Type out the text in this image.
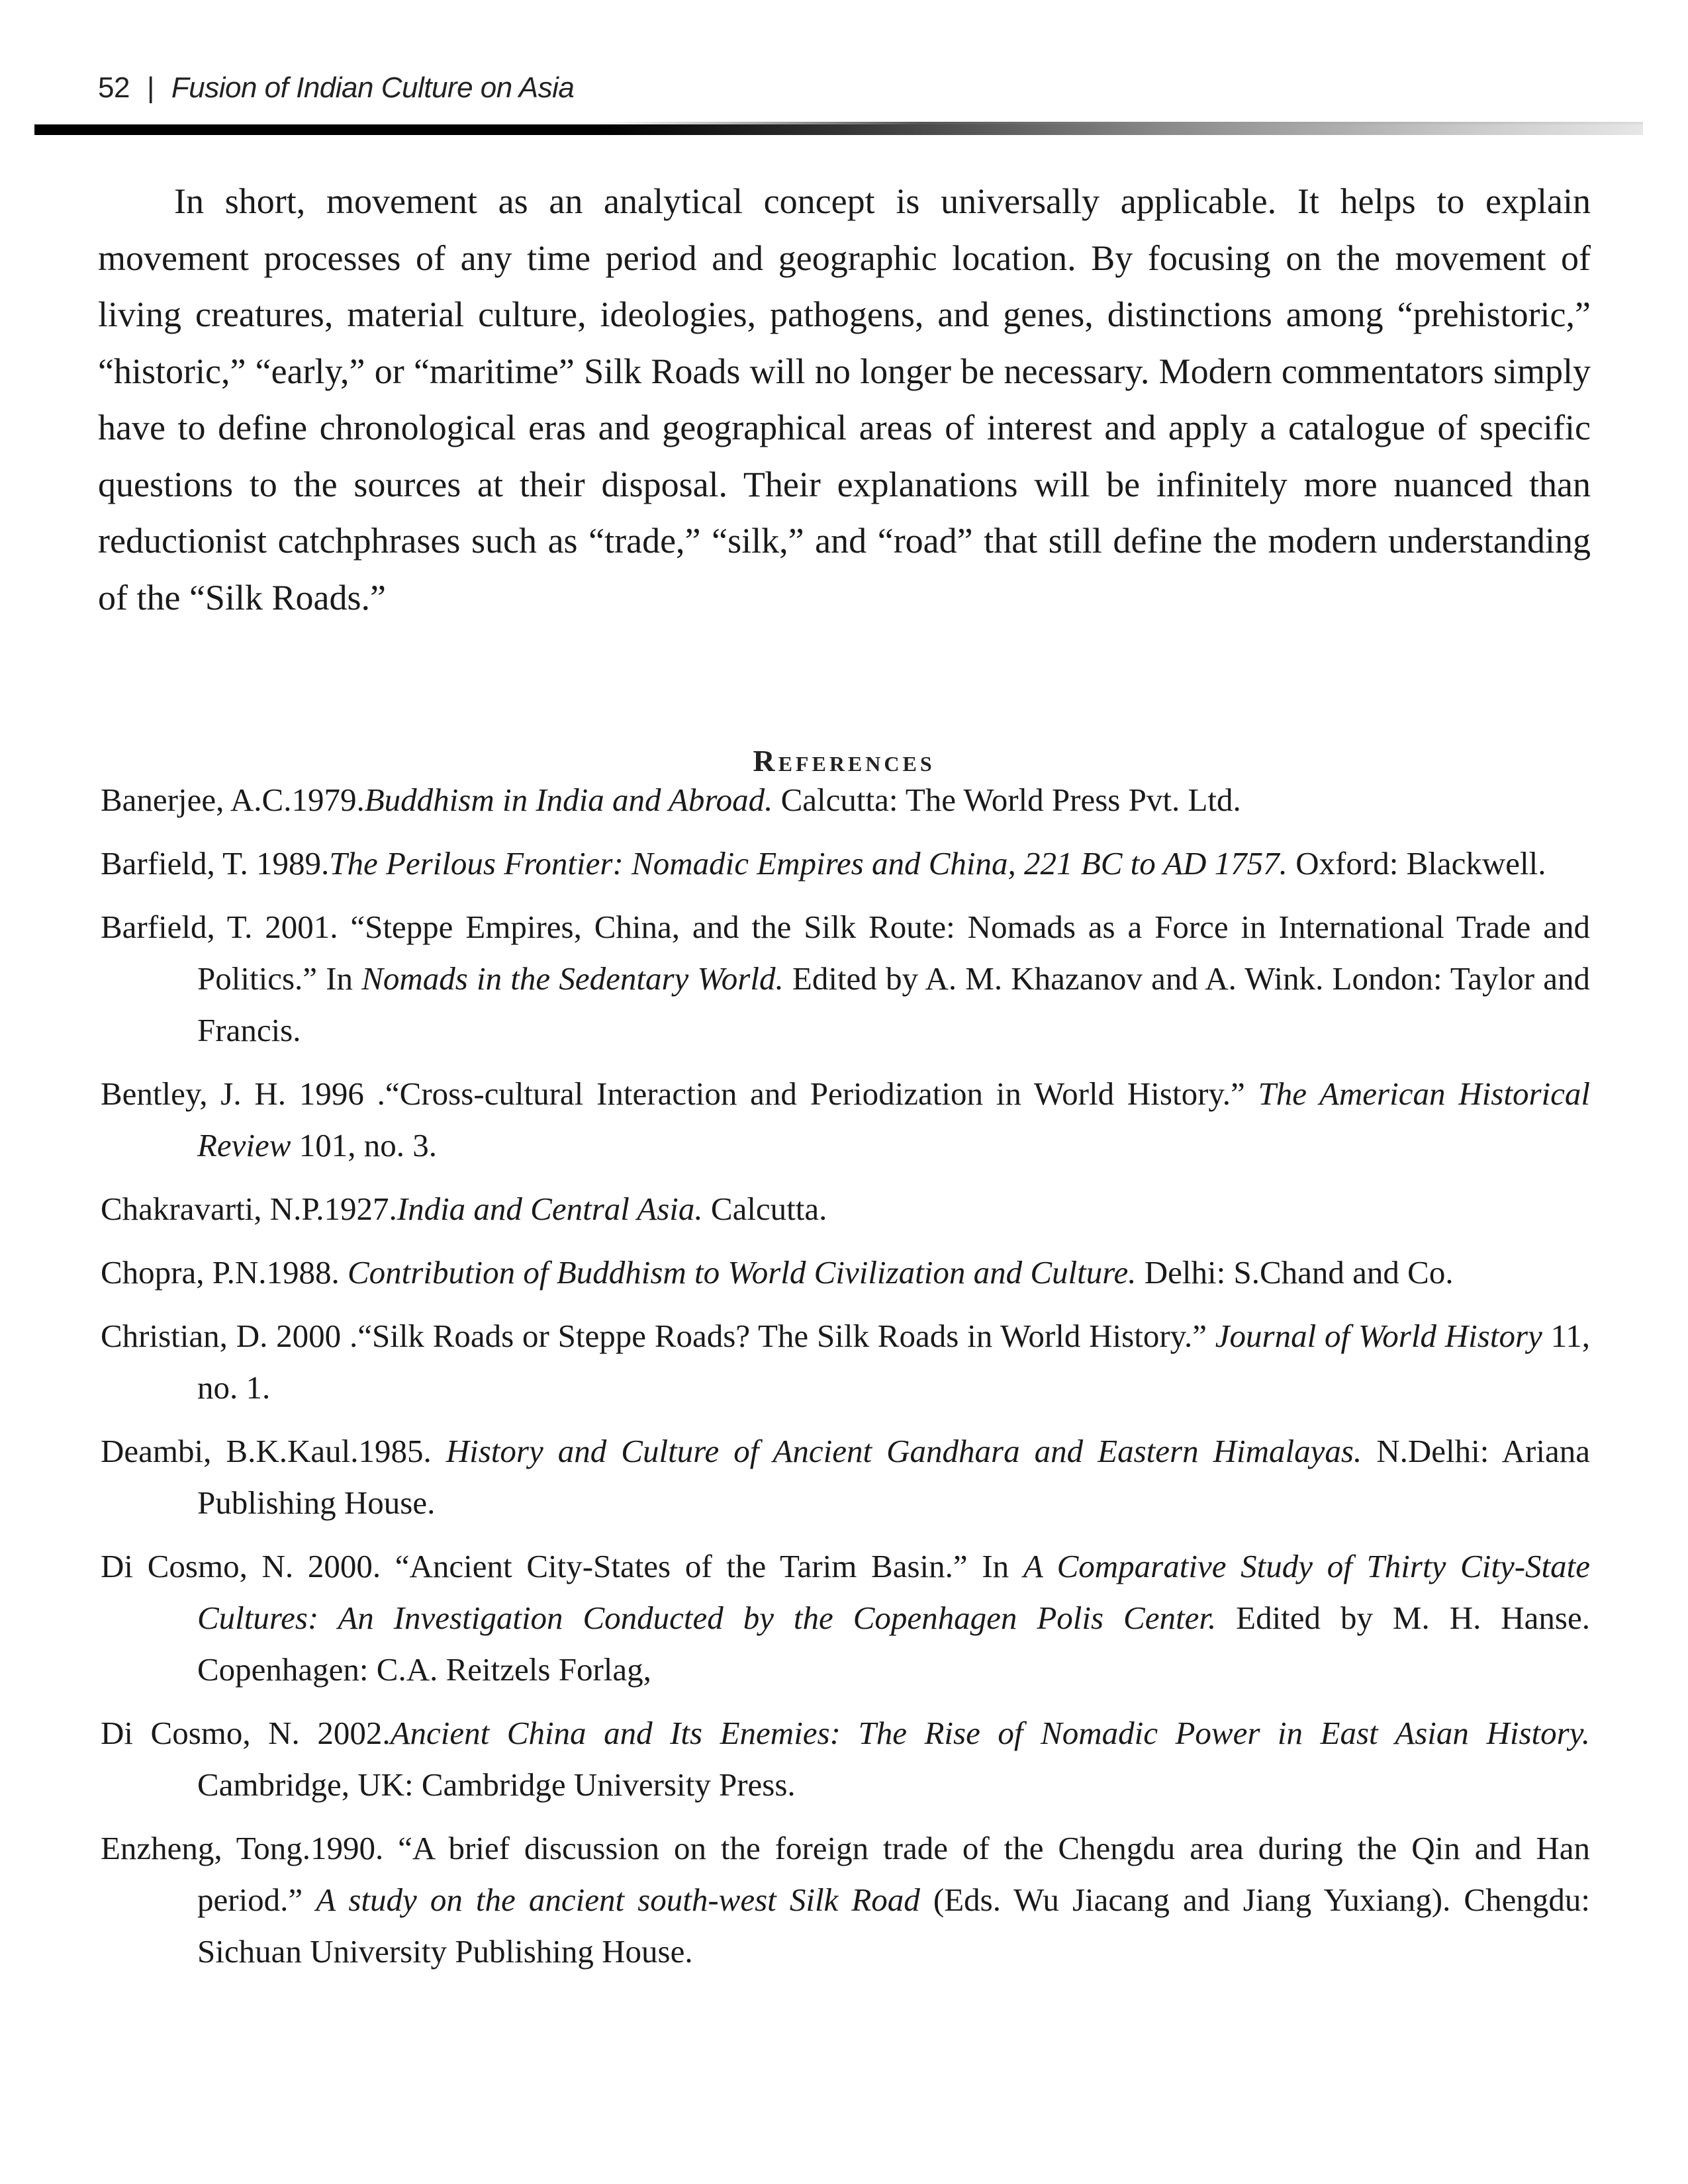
52 | Fusion of Indian Culture on Asia

In short, movement as an analytical concept is universally applicable. It helps to explain movement processes of any time period and geographic location. By focusing on the movement of living creatures, material culture, ideologies, pathogens, and genes, distinctions among “prehistoric,” “historic,” “early,” or “maritime” Silk Roads will no longer be necessary. Modern commentators simply have to define chronological eras and geographical areas of interest and apply a catalogue of specific questions to the sources at their disposal. Their explanations will be infinitely more nuanced than reductionist catchphrases such as “trade,” “silk,” and “road” that still define the modern understanding of the “Silk Roads.”

References

Banerjee, A.C.1979.Buddhism in India and Abroad. Calcutta: The World Press Pvt. Ltd.

Barfield, T. 1989.The Perilous Frontier: Nomadic Empires and China, 221 BC to AD 1757. Oxford: Blackwell.

Barfield, T. 2001. “Steppe Empires, China, and the Silk Route: Nomads as a Force in International Trade and Politics.” In Nomads in the Sedentary World. Edited by A. M. Khazanov and A. Wink. London: Taylor and Francis.

Bentley, J. H. 1996 .“Cross-cultural Interaction and Periodization in World History.” The American Historical Review 101, no. 3.

Chakravarti, N.P.1927.India and Central Asia. Calcutta.

Chopra, P.N.1988. Contribution of Buddhism to World Civilization and Culture. Delhi: S.Chand and Co.

Christian, D. 2000 .“Silk Roads or Steppe Roads? The Silk Roads in World History.” Journal of World History 11, no. 1.

Deambi, B.K.Kaul.1985. History and Culture of Ancient Gandhara and Eastern Himalayas. N.Delhi: Ariana Publishing House.

Di Cosmo, N. 2000. “Ancient City-States of the Tarim Basin.” In A Comparative Study of Thirty City-State Cultures: An Investigation Conducted by the Copenhagen Polis Center. Edited by M. H. Hanse. Copenhagen: C.A. Reitzels Forlag,

Di Cosmo, N. 2002.Ancient China and Its Enemies: The Rise of Nomadic Power in East Asian History. Cambridge, UK: Cambridge University Press.

Enzheng, Tong.1990. “A brief discussion on the foreign trade of the Chengdu area during the Qin and Han period.” A study on the ancient south-west Silk Road (Eds. Wu Jiacang and Jiang Yuxiang). Chengdu: Sichuan University Publishing House.
